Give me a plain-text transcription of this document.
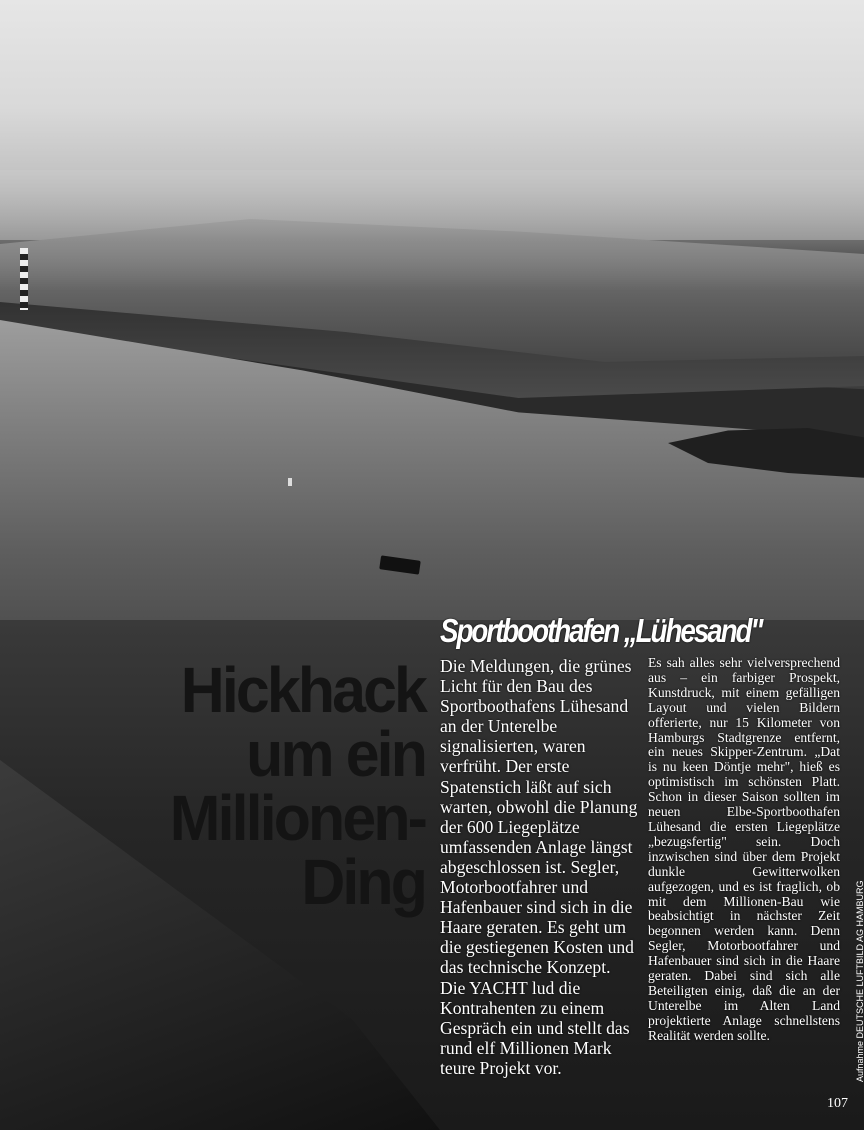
Sportboothafen „Lühesand"
Hickhack
um ein
Millionen-
Ding
Die Meldungen, die grünes Licht für den Bau des Sportboothafens Lühesand an der Unterelbe signalisierten, waren verfrüht. Der erste Spatenstich läßt auf sich warten, obwohl die Planung der 600 Liegeplätze umfassenden Anlage längst abgeschlossen ist. Segler, Motorbootfahrer und Hafenbauer sind sich in die Haare geraten. Es geht um die gestiegenen Kosten und das technische Konzept. Die YACHT lud die Kontrahenten zu einem Gespräch ein und stellt das rund elf Millionen Mark teure Projekt vor.
Es sah alles sehr vielversprechend aus – ein farbiger Prospekt, Kunstdruck, mit einem gefälligen Layout und vielen Bildern offerierte, nur 15 Kilometer von Hamburgs Stadtgrenze entfernt, ein neues Skipper-Zentrum. „Dat is nu keen Döntje mehr", hieß es optimistisch im schönsten Platt. Schon in dieser Saison sollten im neuen Elbe-Sportboothafen Lühesand die ersten Liegeplätze „bezugsfertig" sein. Doch inzwischen sind über dem Projekt dunkle Gewitterwolken aufgezogen, und es ist fraglich, ob mit dem Millionen-Bau wie beabsichtigt in nächster Zeit begonnen werden kann. Denn Segler, Motorbootfahrer und Hafenbauer sind sich in die Haare geraten. Dabei sind sich alle Beteiligten einig, daß die an der Unterelbe im Alten Land projektierte Anlage schnellstens Realität werden sollte.
107
